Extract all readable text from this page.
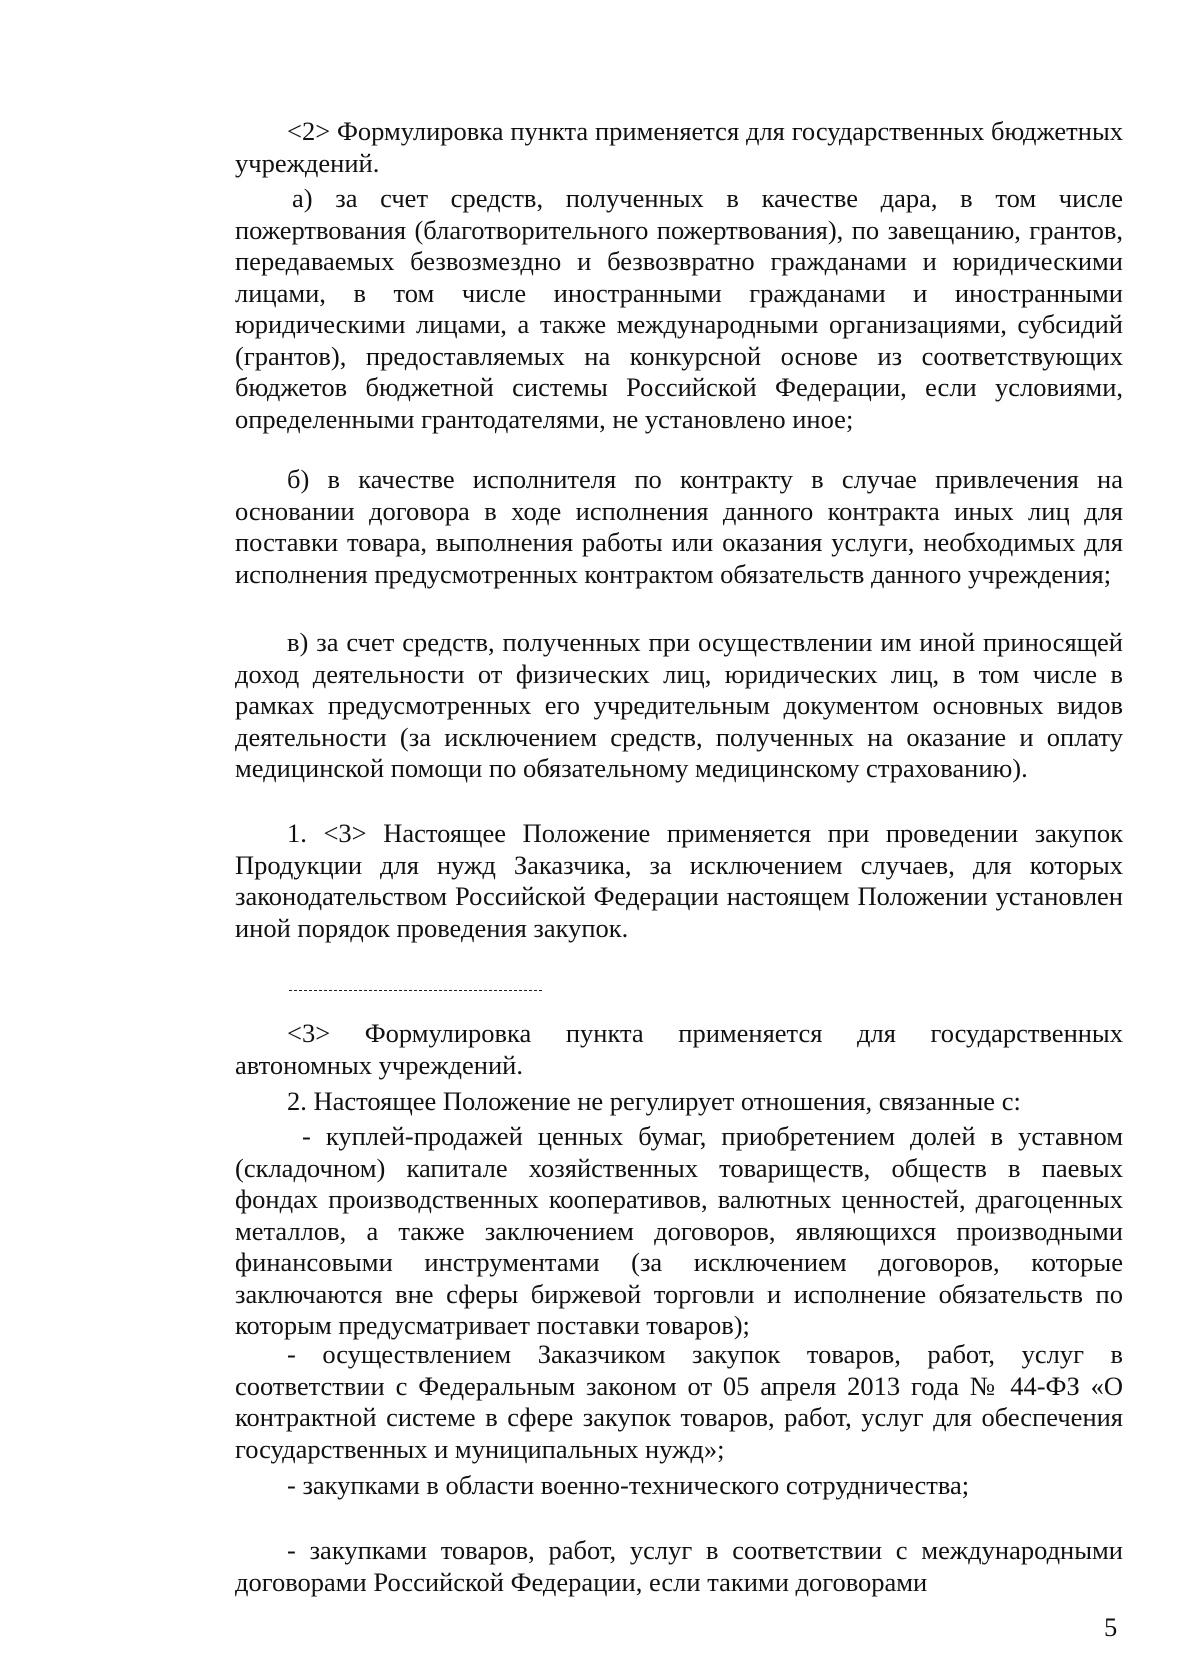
<2> Формулировка пункта применяется для государственных бюджетных учреждений.

а) за счет средств, полученных в качестве дара, в том числе пожертвования (благотворительного пожертвования), по завещанию, грантов, передаваемых безвозмездно и безвозвратно гражданами и юридическими лицами, в том числе иностранными гражданами и иностранными юридическими лицами, а также международными организациями, субсидий (грантов), предоставляемых на конкурсной основе из соответствующих бюджетов бюджетной системы Российской Федерации, если условиями, определенными грантодателями, не установлено иное;

б) в качестве исполнителя по контракту в случае привлечения на основании договора в ходе исполнения данного контракта иных лиц для поставки товара, выполнения работы или оказания услуги, необходимых для исполнения предусмотренных контрактом обязательств данного учреждения;

в) за счет средств, полученных при осуществлении им иной приносящей доход деятельности от физических лиц, юридических лиц, в том числе в рамках предусмотренных его учредительным документом основных видов деятельности (за исключением средств, полученных на оказание и оплату медицинской помощи по обязательному медицинскому страхованию).

1. <3> Настоящее Положение применяется при проведении закупок Продукции для нужд Заказчика, за исключением случаев, для которых законодательством Российской Федерации настоящем Положении установлен иной порядок проведения закупок.

<3> Формулировка пункта применяется для государственных автономных учреждений.

2. Настоящее Положение не регулирует отношения, связанные с:

- куплей-продажей ценных бумаг, приобретением долей в уставном (складочном) капитале хозяйственных товариществ, обществ в паевых фондах производственных кооперативов, валютных ценностей, драгоценных металлов, а также заключением договоров, являющихся производными финансовыми инструментами (за исключением договоров, которые заключаются вне сферы биржевой торговли и исполнение обязательств по которым предусматривает поставки товаров);

- осуществлением Заказчиком закупок товаров, работ, услуг в соответствии с Федеральным законом от 05 апреля 2013 года № 44-ФЗ «О контрактной системе в сфере закупок товаров, работ, услуг для обеспечения государственных и муниципальных нужд»;

- закупками в области военно-технического сотрудничества;

- закупками товаров, работ, услуг в соответствии с международными договорами Российской Федерации, если такими договорами

5
